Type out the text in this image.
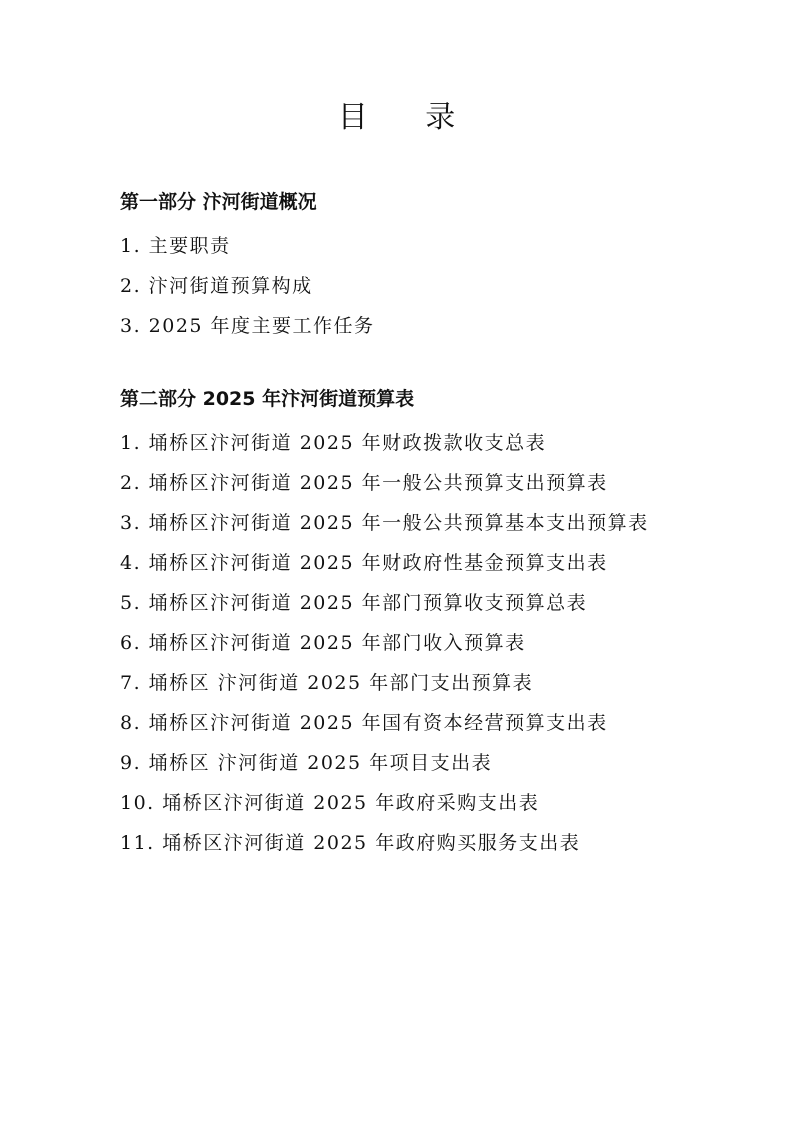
目 录
第一部分 汴河街道概况
1. 主要职责
2. 汴河街道预算构成
3. 2025 年度主要工作任务
第二部分 2025 年汴河街道预算表
1. 埇桥区汴河街道 2025 年财政拨款收支总表
2. 埇桥区汴河街道 2025 年一般公共预算支出预算表
3. 埇桥区汴河街道 2025 年一般公共预算基本支出预算表
4. 埇桥区汴河街道 2025 年财政府性基金预算支出表
5. 埇桥区汴河街道 2025 年部门预算收支预算总表
6. 埇桥区汴河街道 2025 年部门收入预算表
7. 埇桥区 汴河街道 2025 年部门支出预算表
8. 埇桥区汴河街道 2025 年国有资本经营预算支出表
9. 埇桥区 汴河街道 2025 年项目支出表
10. 埇桥区汴河街道 2025 年政府采购支出表
11. 埇桥区汴河街道 2025 年政府购买服务支出表
